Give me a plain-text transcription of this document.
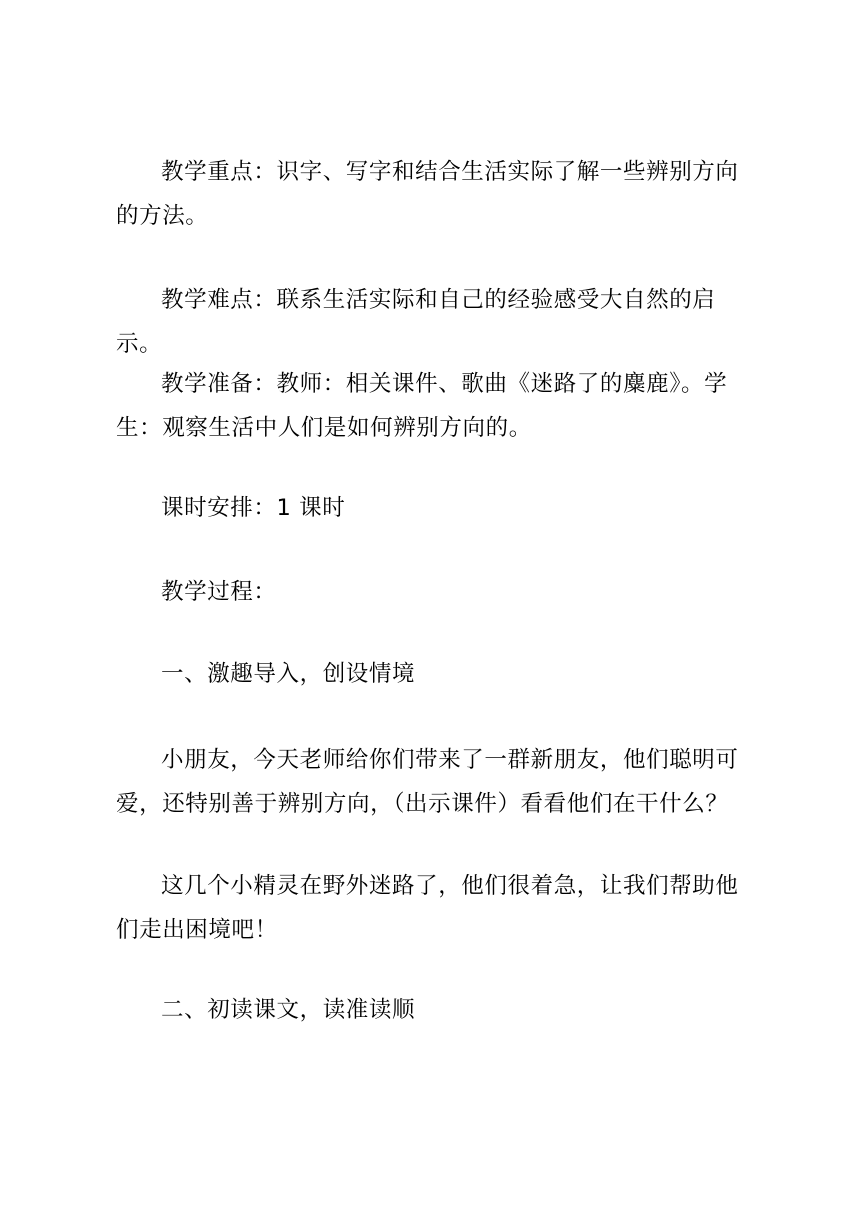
教学重点：识字、写字和结合生活实际了解一些辨别方向的方法。

教学难点：联系生活实际和自己的经验感受大自然的启示。

教学准备：教师：相关课件、歌曲《迷路了的麋鹿》。学生：观察生活中人们是如何辨别方向的。

课时安排：1 课时

教学过程：

一、激趣导入，创设情境

小朋友，今天老师给你们带来了一群新朋友，他们聪明可爱，还特别善于辨别方向，（出示课件）看看他们在干什么？

这几个小精灵在野外迷路了，他们很着急，让我们帮助他们走出困境吧！

二、初读课文，读准读顺
